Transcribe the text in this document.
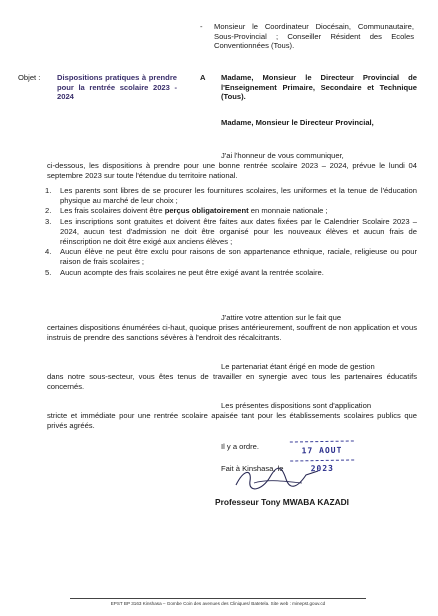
- Monsieur le Coordinateur Diocésain, Communautaire, Sous-Provincial ; Conseiller Résident des Ecoles Conventionnées (Tous).
Objet : Dispositions pratiques à prendre pour la rentrée scolaire 2023 - 2024
A Madame, Monsieur le Directeur Provincial de l'Enseignement Primaire, Secondaire et Technique (Tous).
Madame, Monsieur le Directeur Provincial,
J'ai l'honneur de vous communiquer,
ci-dessous, les dispositions à prendre pour une bonne rentrée scolaire 2023 – 2024, prévue le lundi 04 septembre 2023 sur toute l'étendue du territoire national.
1. Les parents sont libres de se procurer les fournitures scolaires, les uniformes et la tenue de l'éducation physique au marché de leur choix ;
2. Les frais scolaires doivent être perçus obligatoirement en monnaie nationale ;
3. Les inscriptions sont gratuites et doivent être faites aux dates fixées par le Calendrier Scolaire 2023 – 2024, aucun test d'admission ne doit être organisé pour les nouveaux élèves et aucun frais de réinscription ne doit être exigé aux anciens élèves ;
4. Aucun élève ne peut être exclu pour raisons de son appartenance ethnique, raciale, religieuse ou pour raison de frais scolaires ;
5. Aucun acompte des frais scolaires ne peut être exigé avant la rentrée scolaire.
J'attire votre attention sur le fait que
certaines dispositions énumérées ci-haut, quoique prises antérieurement, souffrent de non application et vous instruis de prendre des sanctions sévères à l'endroit des récalcitrants.
Le partenariat étant érigé en mode de gestion
dans notre sous-secteur, vous êtes tenus de travailler en synergie avec tous les partenaires éducatifs concernés.
Les présentes dispositions sont d'application
stricte et immédiate pour une rentrée scolaire apaisée tant pour les établissements scolaires publics que privés agréés.
Il y a ordre.
Fait à Kinshasa, le
17 AOUT 2023
Professeur Tony MWABA KAZADI
EPST BP 3163 Kinshasa – Gombe Coin des avenues des Cliniques/ Batetela. Site web : minepst.gouv.cd
